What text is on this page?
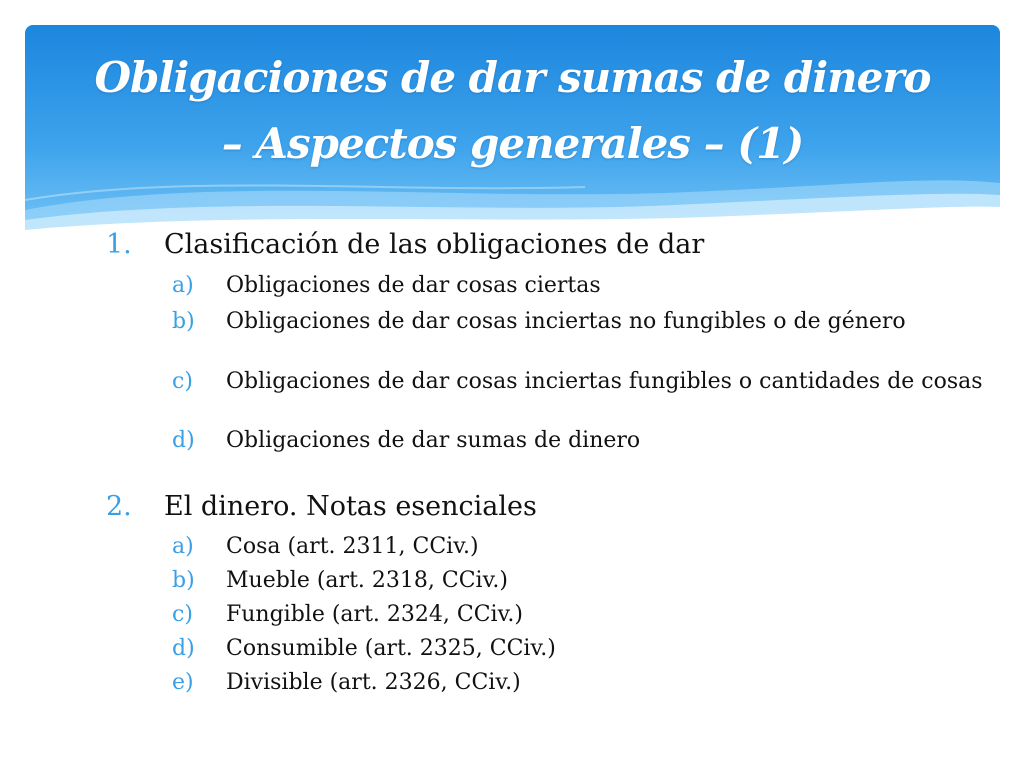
Obligaciones de dar sumas de dinero
– Aspectos generales – (1)
1. Clasificación de las obligaciones de dar
a)	Obligaciones de dar cosas ciertas
b)	Obligaciones de dar cosas inciertas no fungibles o de género
c)	Obligaciones de dar cosas inciertas fungibles o cantidades de cosas
d)	Obligaciones de dar sumas de dinero
2. El dinero. Notas esenciales
a)	Cosa (art. 2311, CCiv.)
b)	Mueble (art. 2318, CCiv.)
c)	Fungible (art. 2324, CCiv.)
d)	Consumible (art. 2325, CCiv.)
e)	Divisible (art. 2326, CCiv.)
